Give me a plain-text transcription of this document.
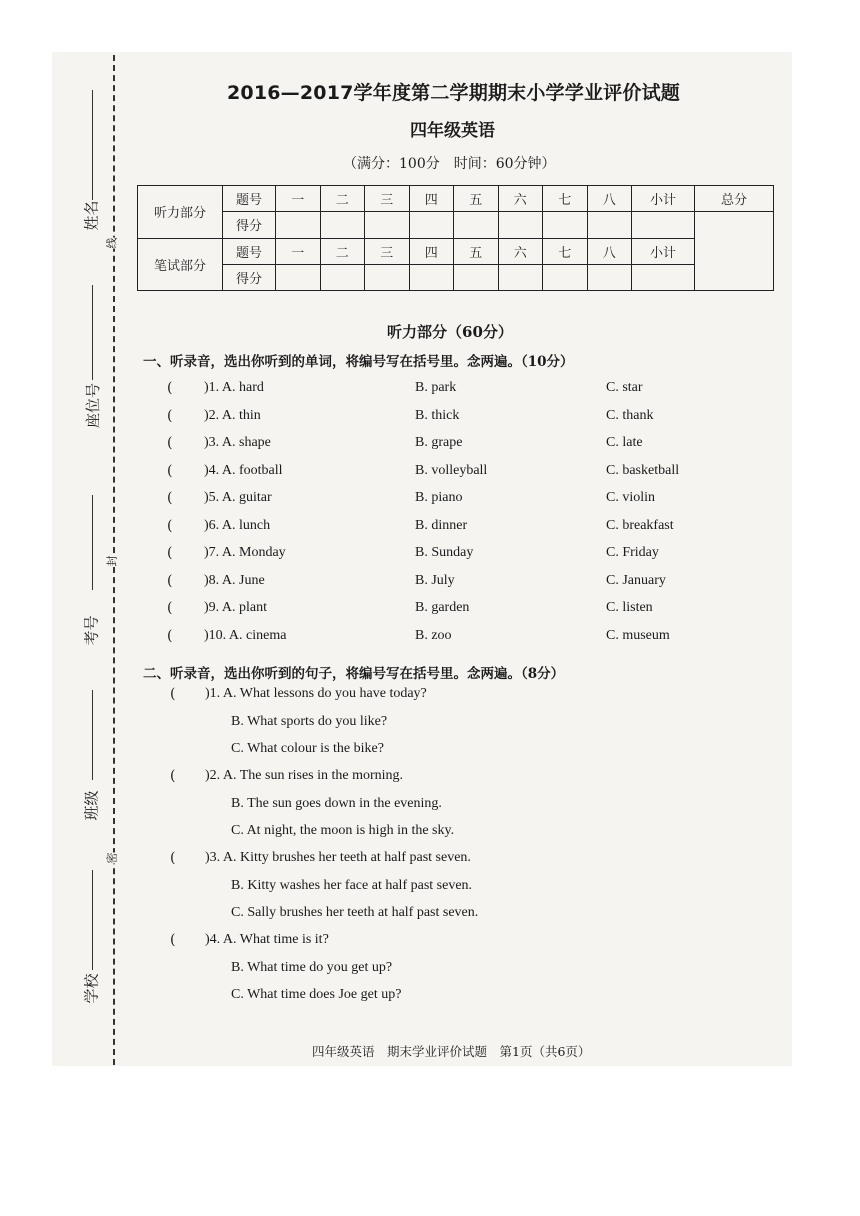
姓名
座位号
考号
班级
学校
线
封
密
2016—2017学年度第二学期期末小学学业评价试题
四年级英语
（满分：100分　时间：60分钟）
听力部分	题号	一	二	三	四	五	六	七	八	小计	总分
	得分										
笔试部分	题号	一	二	三	四	五	六	七	八	小计	
	得分										
听力部分（60分）
一、听录音，选出你听到的单词，将编号写在括号里。念两遍。（10分）
( )1. A. hard	B. park	C. star
( )2. A. thin	B. thick	C. thank
( )3. A. shape	B. grape	C. late
( )4. A. football	B. volleyball	C. basketball
( )5. A. guitar	B. piano	C. violin
( )6. A. lunch	B. dinner	C. breakfast
( )7. A. Monday	B. Sunday	C. Friday
( )8. A. June	B. July	C. January
( )9. A. plant	B. garden	C. listen
( )10. A. cinema	B. zoo	C. museum
二、听录音，选出你听到的句子，将编号写在括号里。念两遍。（8分）
( )1. A. What lessons do you have today?
B. What sports do you like?
C. What colour is the bike?
( )2. A. The sun rises in the morning.
B. The sun goes down in the evening.
C. At night, the moon is high in the sky.
( )3. A. Kitty brushes her teeth at half past seven.
B. Kitty washes her face at half past seven.
C. Sally brushes her teeth at half past seven.
( )4. A. What time is it?
B. What time do you get up?
C. What time does Joe get up?
四年级英语　期末学业评价试题　第1页（共6页）
